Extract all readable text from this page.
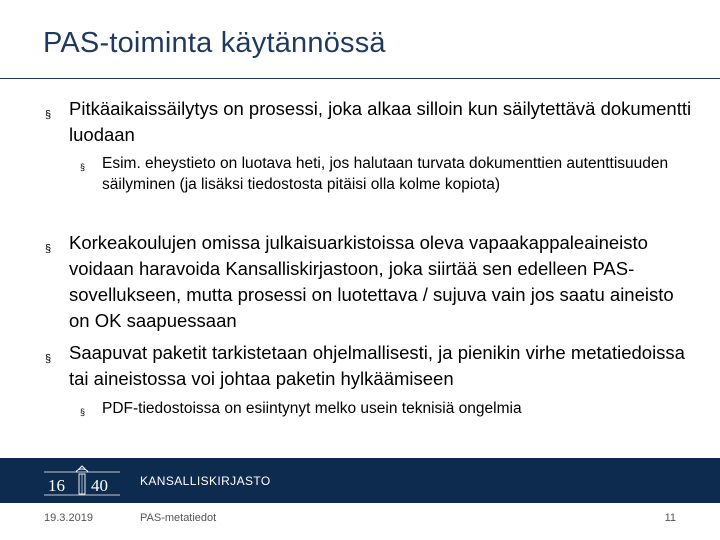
PAS-toiminta käytännössä
§ Pitkäaikaissäilytys on prosessi, joka alkaa silloin kun säilytettävä dokumentti luodaan
§ Esim. eheystieto on luotava heti, jos halutaan turvata dokumenttien autenttisuuden säilyminen (ja lisäksi tiedostosta pitäisi olla kolme kopiota)
§ Korkeakoulujen omissa julkaisuarkistoissa oleva vapaakappaleaineisto voidaan haravoida Kansalliskirjastoon, joka siirtää sen edelleen PAS-sovellukseen, mutta prosessi on luotettava / sujuva vain jos saatu aineisto on OK saapuessaan
§ Saapuvat paketit tarkistetaan ohjelmallisesti, ja pienikin virhe metatiedoissa tai aineistossa voi johtaa paketin hylkäämiseen
§ PDF-tiedostoissa on esiintynyt melko usein teknisiä ongelmia
16 40	KANSALLISKIRJASTO
19.3.2019	PAS-metatiedot	11
